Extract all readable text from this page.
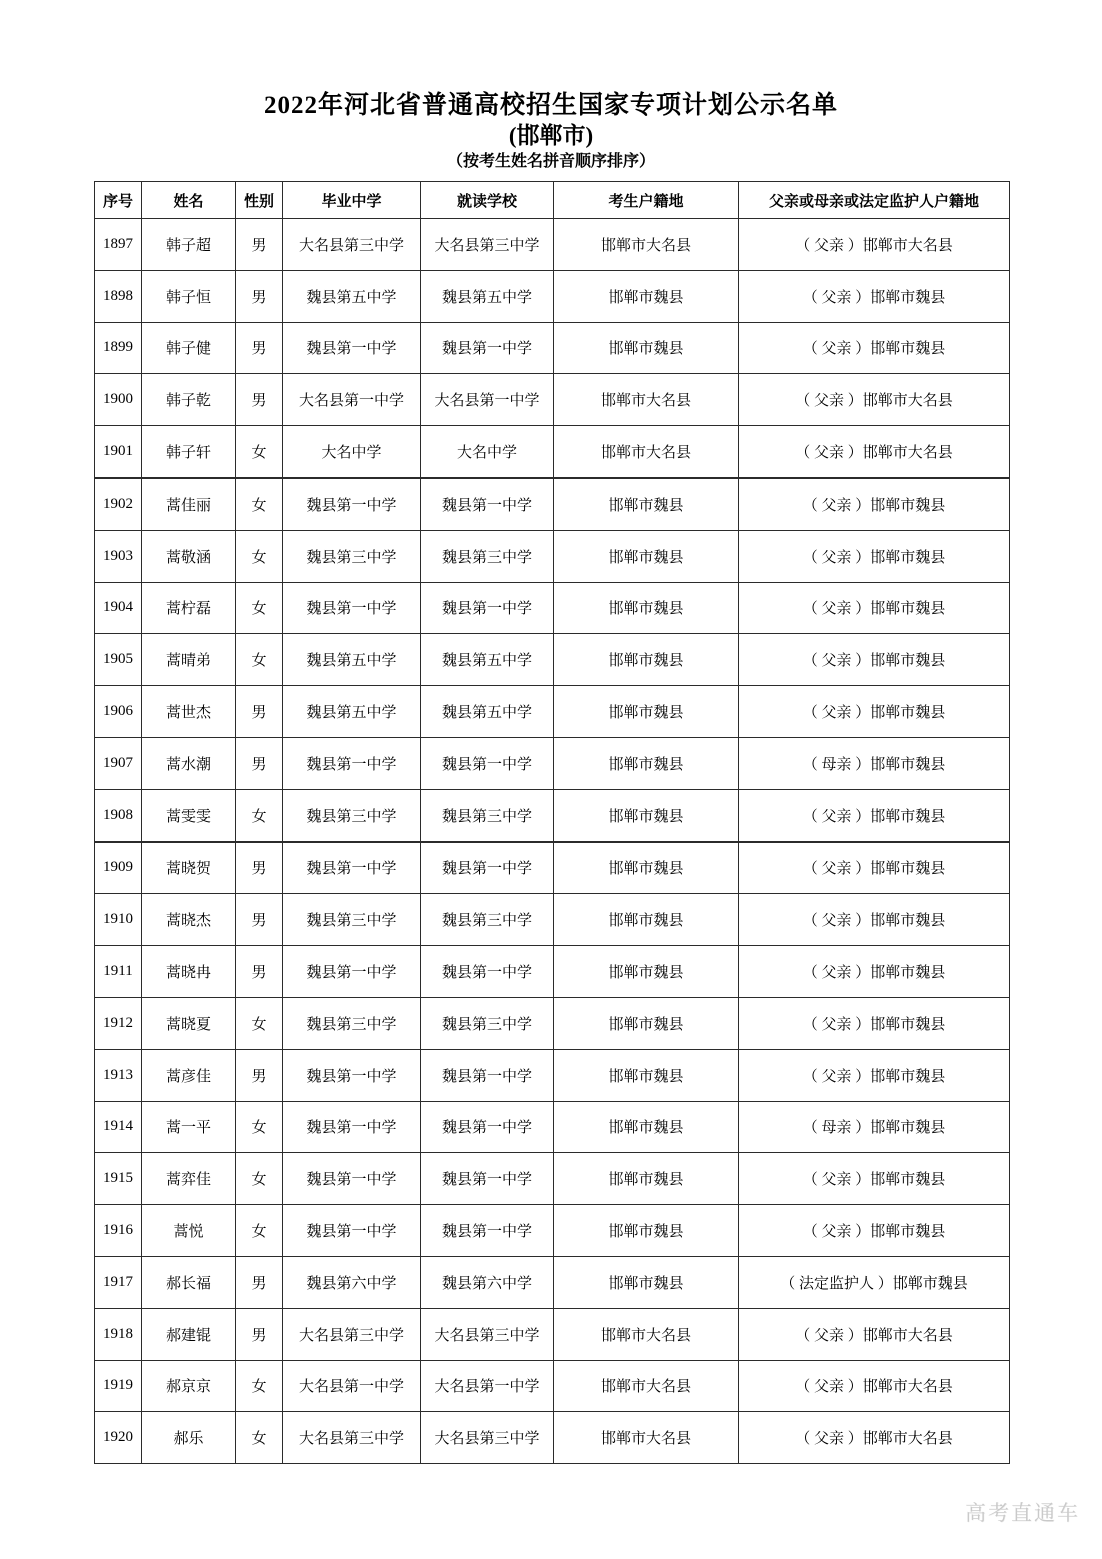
2022年河北省普通高校招生国家专项计划公示名单

(邯郸市)

（按考生姓名拼音顺序排序）

序号	姓名	性别	毕业中学	就读学校	考生户籍地	父亲或母亲或法定监护人户籍地
1897	韩子超	男	大名县第三中学	大名县第三中学	邯郸市大名县	（ 父亲 ）邯郸市大名县
1898	韩子恒	男	魏县第五中学	魏县第五中学	邯郸市魏县	（ 父亲 ）邯郸市魏县
1899	韩子健	男	魏县第一中学	魏县第一中学	邯郸市魏县	（ 父亲 ）邯郸市魏县
1900	韩子乾	男	大名县第一中学	大名县第一中学	邯郸市大名县	（ 父亲 ）邯郸市大名县
1901	韩子轩	女	大名中学	大名中学	邯郸市大名县	（ 父亲 ）邯郸市大名县
1902	蒿佳丽	女	魏县第一中学	魏县第一中学	邯郸市魏县	（ 父亲 ）邯郸市魏县
1903	蒿敬涵	女	魏县第三中学	魏县第三中学	邯郸市魏县	（ 父亲 ）邯郸市魏县
1904	蒿柠磊	女	魏县第一中学	魏县第一中学	邯郸市魏县	（ 父亲 ）邯郸市魏县
1905	蒿晴弟	女	魏县第五中学	魏县第五中学	邯郸市魏县	（ 父亲 ）邯郸市魏县
1906	蒿世杰	男	魏县第五中学	魏县第五中学	邯郸市魏县	（ 父亲 ）邯郸市魏县
1907	蒿水潮	男	魏县第一中学	魏县第一中学	邯郸市魏县	（ 母亲 ）邯郸市魏县
1908	蒿雯雯	女	魏县第三中学	魏县第三中学	邯郸市魏县	（ 父亲 ）邯郸市魏县
1909	蒿晓贺	男	魏县第一中学	魏县第一中学	邯郸市魏县	（ 父亲 ）邯郸市魏县
1910	蒿晓杰	男	魏县第三中学	魏县第三中学	邯郸市魏县	（ 父亲 ）邯郸市魏县
1911	蒿晓冉	男	魏县第一中学	魏县第一中学	邯郸市魏县	（ 父亲 ）邯郸市魏县
1912	蒿晓夏	女	魏县第三中学	魏县第三中学	邯郸市魏县	（ 父亲 ）邯郸市魏县
1913	蒿彦佳	男	魏县第一中学	魏县第一中学	邯郸市魏县	（ 父亲 ）邯郸市魏县
1914	蒿一平	女	魏县第一中学	魏县第一中学	邯郸市魏县	（ 母亲 ）邯郸市魏县
1915	蒿弈佳	女	魏县第一中学	魏县第一中学	邯郸市魏县	（ 父亲 ）邯郸市魏县
1916	蒿悦	女	魏县第一中学	魏县第一中学	邯郸市魏县	（ 父亲 ）邯郸市魏县
1917	郝长福	男	魏县第六中学	魏县第六中学	邯郸市魏县	（ 法定监护人 ）邯郸市魏县
1918	郝建锟	男	大名县第三中学	大名县第三中学	邯郸市大名县	（ 父亲 ）邯郸市大名县
1919	郝京京	女	大名县第一中学	大名县第一中学	邯郸市大名县	（ 父亲 ）邯郸市大名县
1920	郝乐	女	大名县第三中学	大名县第三中学	邯郸市大名县	（ 父亲 ）邯郸市大名县
高考直通车
